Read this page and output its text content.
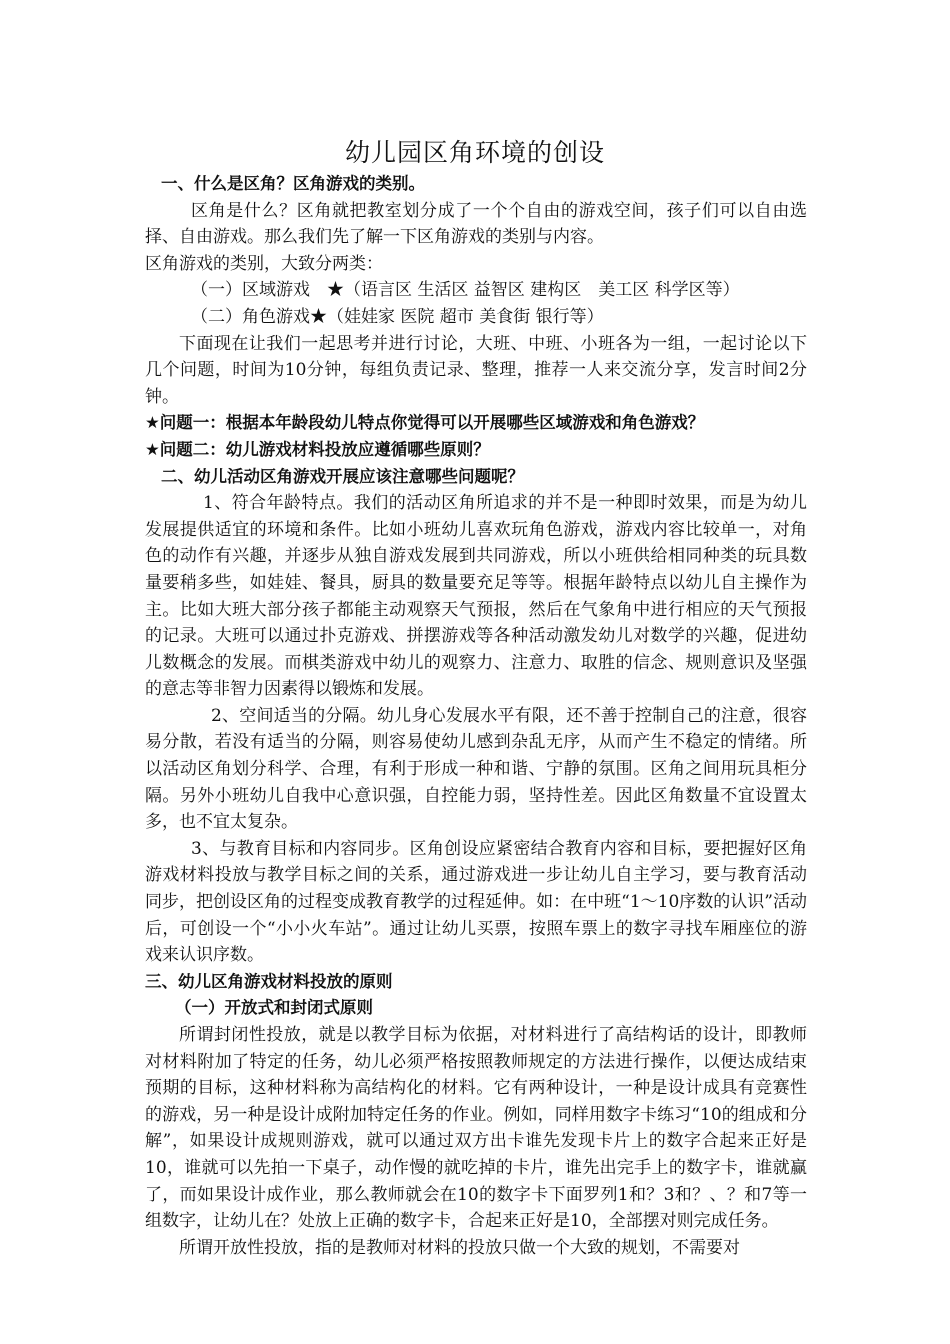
幼儿园区角环境的创设

一、什么是区角？区角游戏的类别。

区角是什么？区角就把教室划分成了一个个自由的游戏空间，孩子们可以自由选择、自由游戏。那么我们先了解一下区角游戏的类别与内容。

区角游戏的类别，大致分两类：

（一）区域游戏　★（语言区 生活区 益智区 建构区　美工区 科学区等）

（二）角色游戏★（娃娃家 医院 超市 美食街 银行等）

下面现在让我们一起思考并进行讨论，大班、中班、小班各为一组，一起讨论以下几个问题，时间为10分钟，每组负责记录、整理，推荐一人来交流分享，发言时间2分钟。

★问题一：根据本年龄段幼儿特点你觉得可以开展哪些区域游戏和角色游戏？

★问题二：幼儿游戏材料投放应遵循哪些原则？

二、幼儿活动区角游戏开展应该注意哪些问题呢？

1、符合年龄特点。我们的活动区角所追求的并不是一种即时效果，而是为幼儿发展提供适宜的环境和条件。比如小班幼儿喜欢玩角色游戏，游戏内容比较单一，对角色的动作有兴趣，并逐步从独自游戏发展到共同游戏，所以小班供给相同种类的玩具数量要稍多些，如娃娃、餐具，厨具的数量要充足等等。根据年龄特点以幼儿自主操作为主。比如大班大部分孩子都能主动观察天气预报，然后在气象角中进行相应的天气预报的记录。大班可以通过扑克游戏、拼摆游戏等各种活动激发幼儿对数学的兴趣，促进幼儿数概念的发展。而棋类游戏中幼儿的观察力、注意力、取胜的信念、规则意识及坚强的意志等非智力因素得以锻炼和发展。

2、空间适当的分隔。幼儿身心发展水平有限，还不善于控制自己的注意，很容易分散，若没有适当的分隔，则容易使幼儿感到杂乱无序，从而产生不稳定的情绪。所以活动区角划分科学、合理，有利于形成一种和谐、宁静的氛围。区角之间用玩具柜分隔。另外小班幼儿自我中心意识强，自控能力弱，坚持性差。因此区角数量不宜设置太多，也不宜太复杂。

3、与教育目标和内容同步。区角创设应紧密结合教育内容和目标，要把握好区角游戏材料投放与教学目标之间的关系，通过游戏进一步让幼儿自主学习，要与教育活动同步，把创设区角的过程变成教育教学的过程延伸。如：在中班“1～10序数的认识”活动后，可创设一个“小小火车站”。通过让幼儿买票，按照车票上的数字寻找车厢座位的游戏来认识序数。

三、幼儿区角游戏材料投放的原则

（一）开放式和封闭式原则

所谓封闭性投放，就是以教学目标为依据，对材料进行了高结构话的设计，即教师对材料附加了特定的任务，幼儿必须严格按照教师规定的方法进行操作，以便达成结束预期的目标，这种材料称为高结构化的材料。它有两种设计，一种是设计成具有竞赛性的游戏，另一种是设计成附加特定任务的作业。例如，同样用数字卡练习“10的组成和分解”，如果设计成规则游戏，就可以通过双方出卡谁先发现卡片上的数字合起来正好是10，谁就可以先拍一下桌子，动作慢的就吃掉的卡片，谁先出完手上的数字卡，谁就赢了，而如果设计成作业，那么教师就会在10的数字卡下面罗列1和？3和？、？和7等一组数字，让幼儿在？处放上正确的数字卡，合起来正好是10，全部摆对则完成任务。

所谓开放性投放，指的是教师对材料的投放只做一个大致的规划，不需要对
